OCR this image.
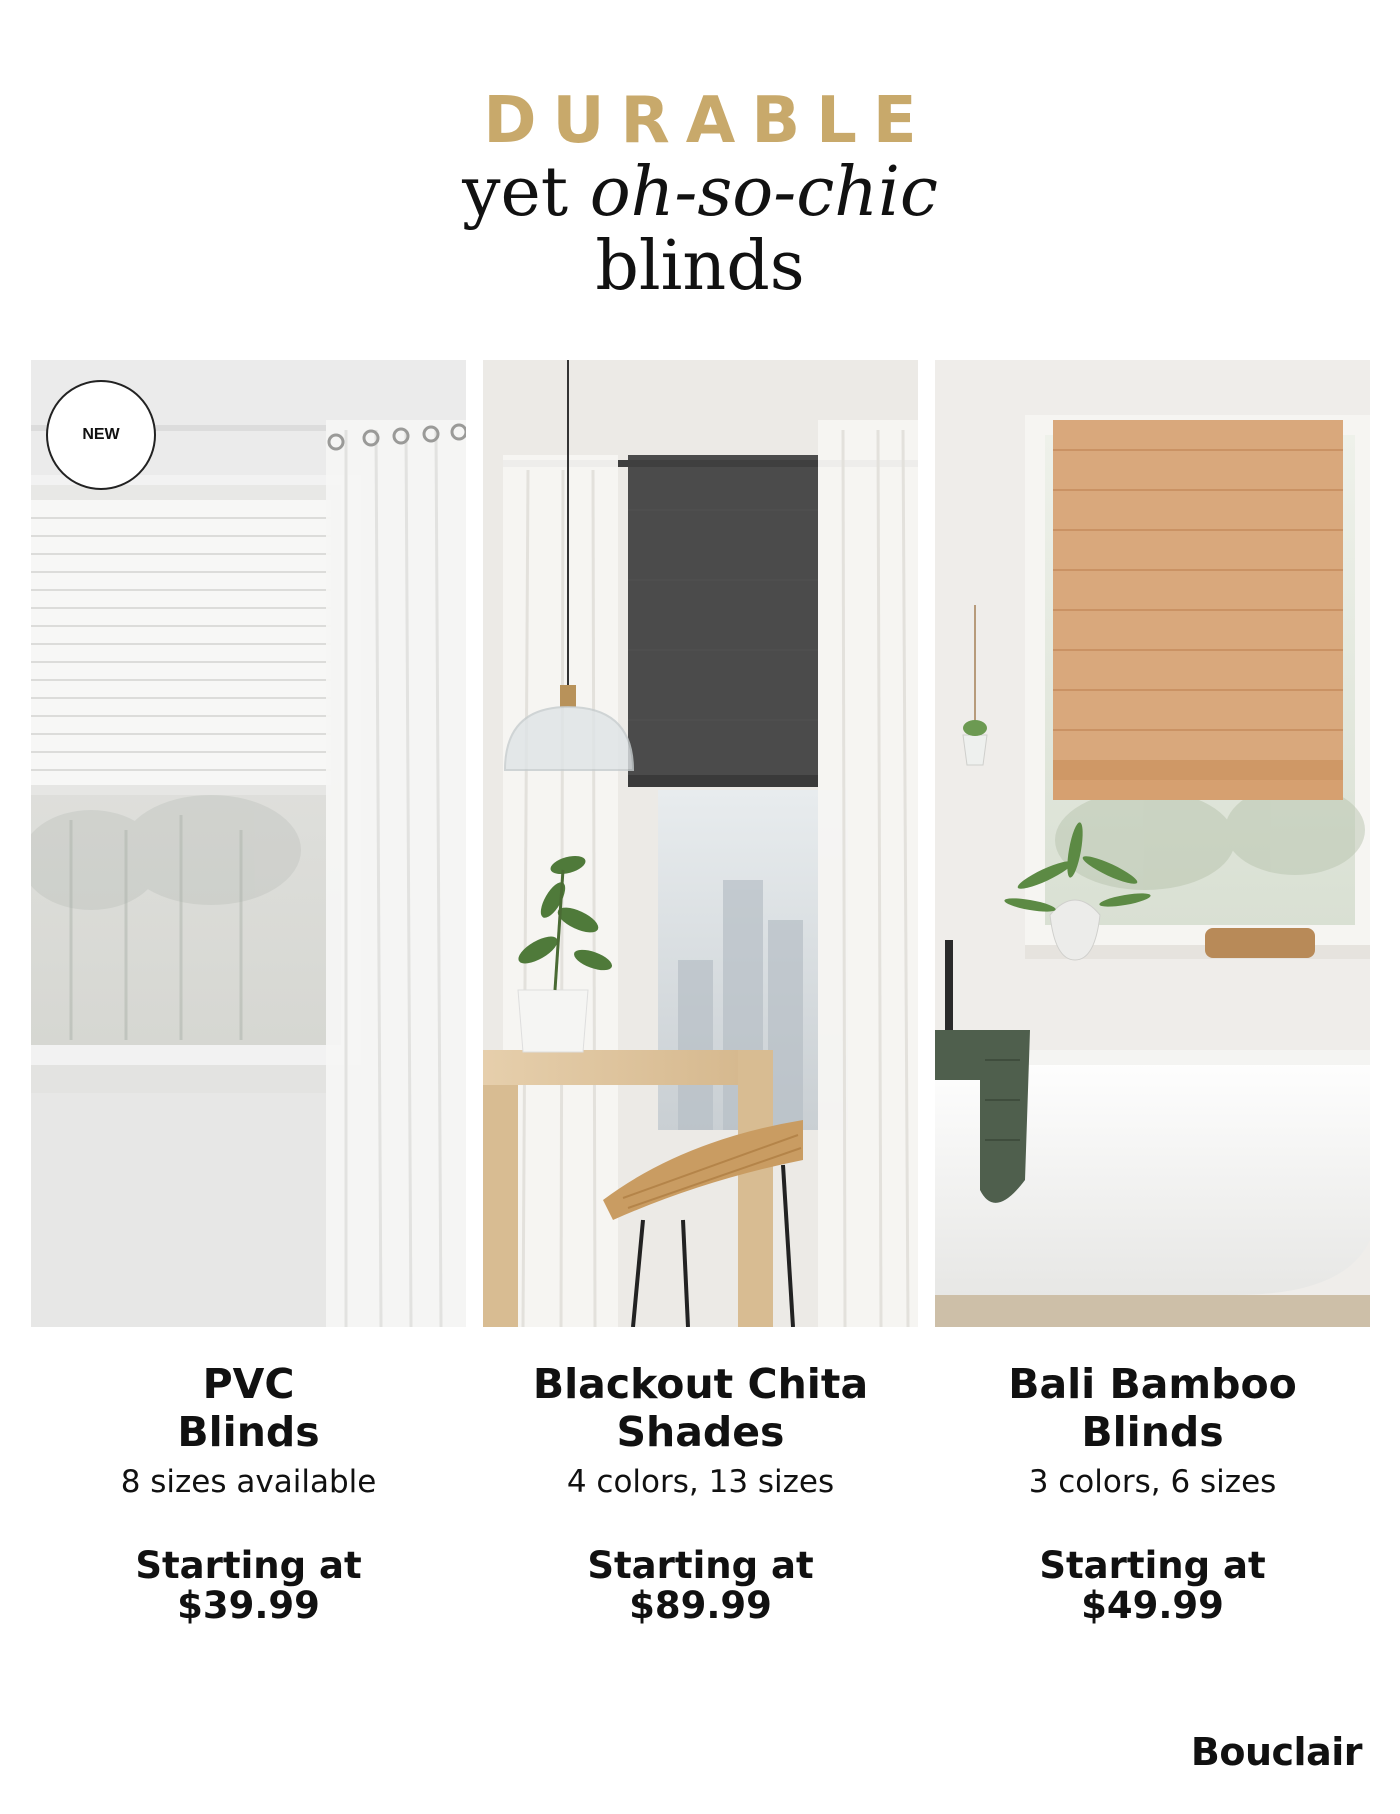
DURABLE
yet oh-so-chic
blinds
NEW
PVC
Blinds
8 sizes available
Starting at
$39.99
Blackout Chita
Shades
4 colors, 13 sizes
Starting at
$89.99
Bali Bamboo
Blinds
3 colors, 6 sizes
Starting at
$49.99
Bouclair
